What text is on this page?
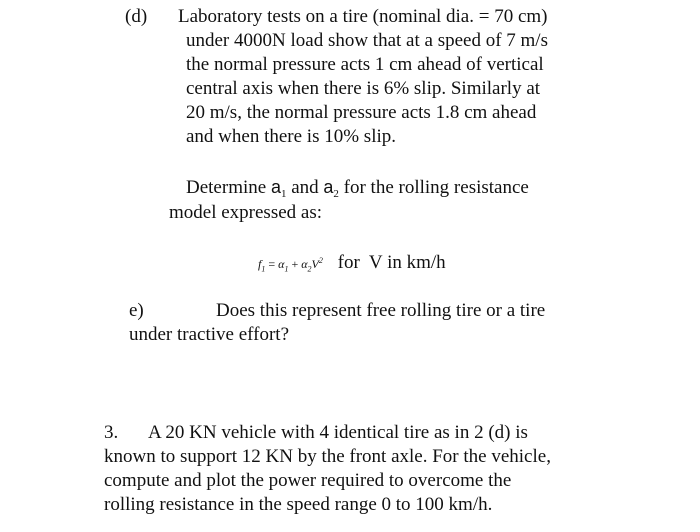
(d) Laboratory tests on a tire (nominal dia. = 70 cm)
under 4000N load show that at a speed of 7 m/s
the normal pressure acts 1 cm ahead of vertical
central axis when there is 6% slip. Similarly at
20 m/s, the normal pressure acts 1.8 cm ahead
and when there is 10% slip.
Determine $a_1$ and $a_2$ for the rolling resistance
model expressed as:
$f_1 = \alpha_1 + \alpha_2V^2$ for  V in km/h
e)	Does this represent free rolling tire or a tire
under tractive effort?
3. A 20 KN vehicle with 4 identical tire as in 2 (d) is
known to support 12 KN by the front axle. For the vehicle,
compute and plot the power required to overcome the
rolling resistance in the speed range 0 to 100 km/h.
